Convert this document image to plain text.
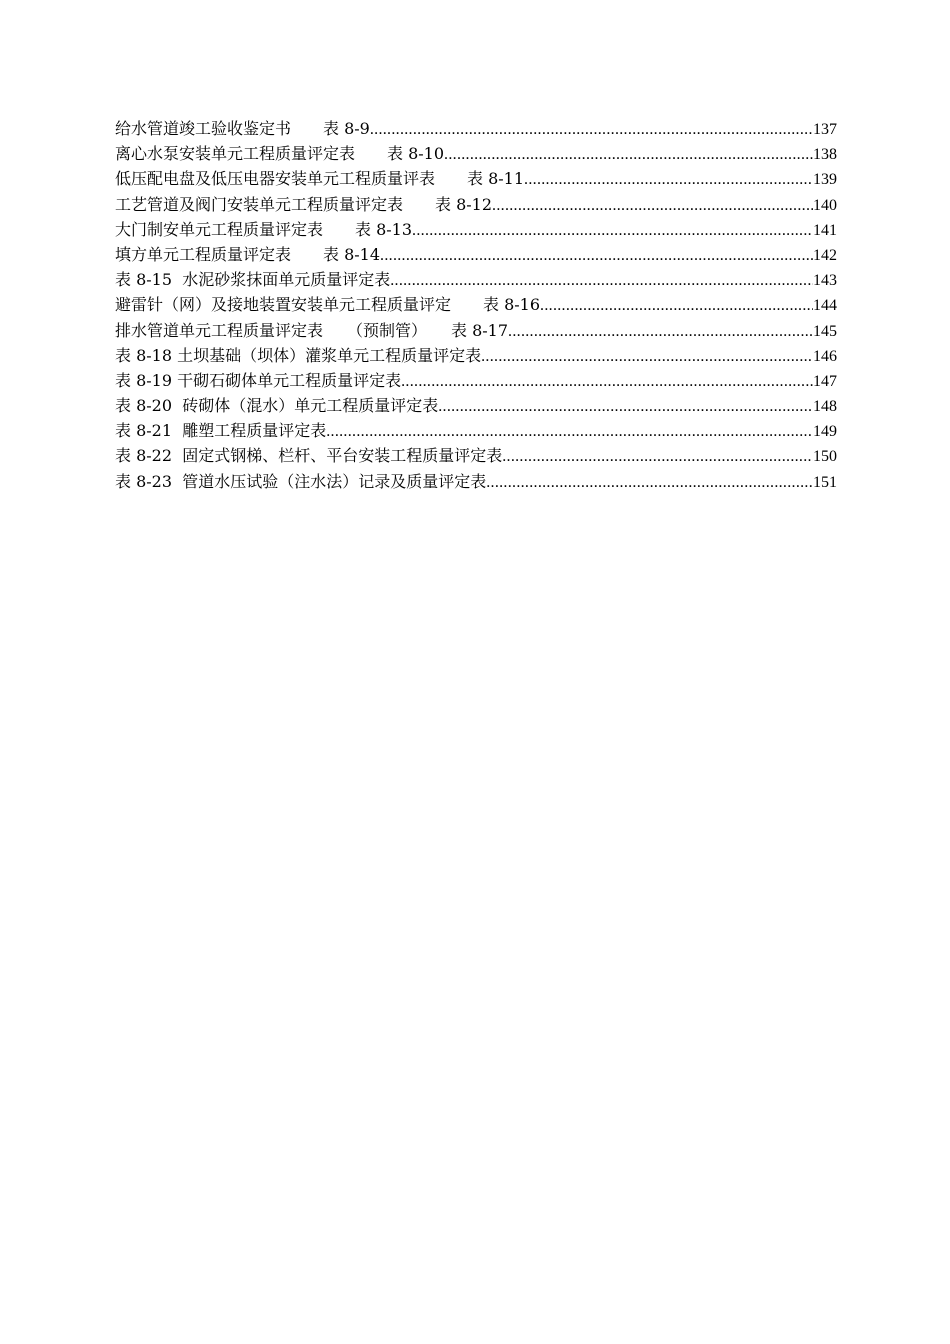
给水管道竣工验收鉴定书　　表 8-9 .....	137
离心水泵安装单元工程质量评定表　　表 8-10 .....	138
低压配电盘及低压电器安装单元工程质量评表　　表 8-11 .....	139
工艺管道及阀门安装单元工程质量评定表　　表 8-12 .....	140
大门制安单元工程质量评定表　　表 8-13 .....	141
填方单元工程质量评定表　　表 8-14 .....	142
表 8-15  水泥砂浆抹面单元质量评定表 .....	143
避雷针（网）及接地装置安装单元工程质量评定　　表 8-16 .....	144
排水管道单元工程质量评定表　　（预制管）　　表 8-17 .....	145
表 8-18 土坝基础（坝体）灌浆单元工程质量评定表 .....	146
表 8-19 干砌石砌体单元工程质量评定表 .....	147
表 8-20  砖砌体（混水）单元工程质量评定表 .....	148
表 8-21  雕塑工程质量评定表 .....	149
表 8-22  固定式钢梯、栏杆、平台安装工程质量评定表 .....	150
表 8-23  管道水压试验（注水法）记录及质量评定表 .....	151
